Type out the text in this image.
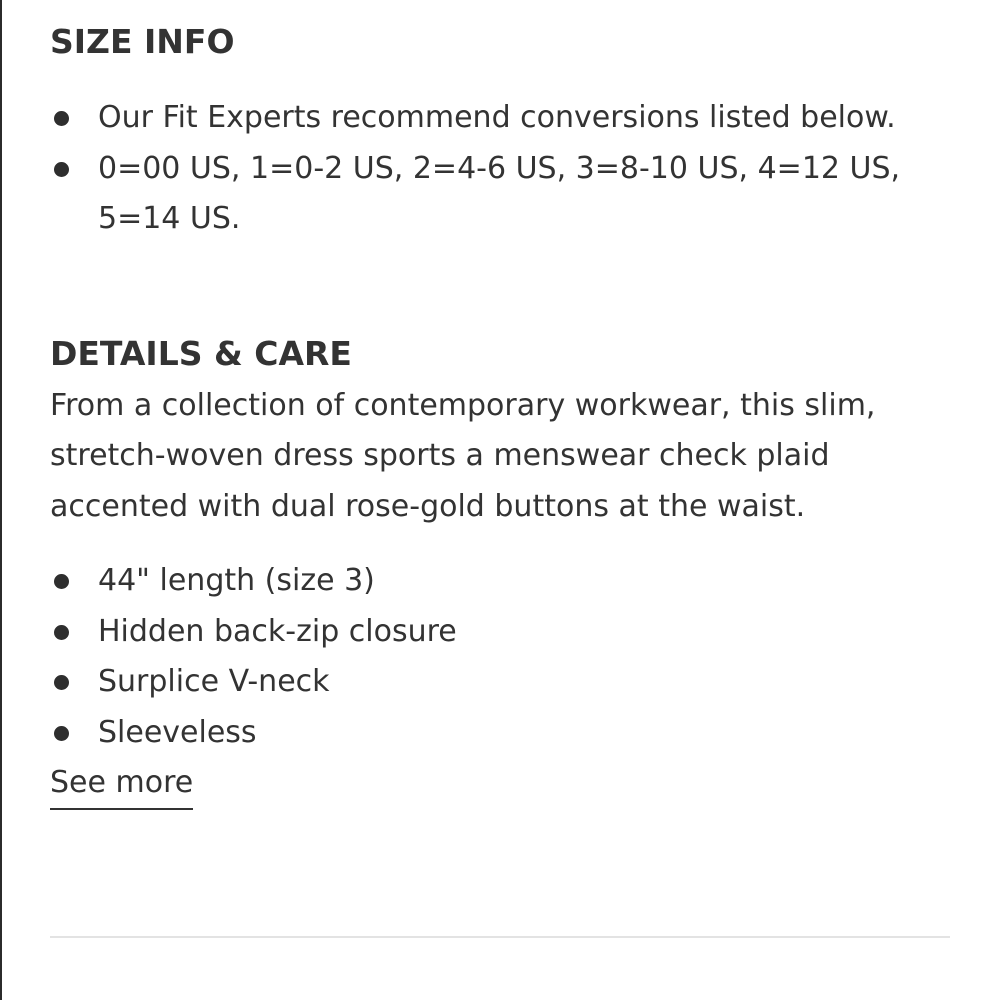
SIZE INFO
Our Fit Experts recommend conversions listed below.
0=00 US, 1=0-2 US, 2=4-6 US, 3=8-10 US, 4=12 US, 5=14 US.
DETAILS & CARE

From a collection of contemporary workwear, this slim, stretch-woven dress sports a menswear check plaid accented with dual rose-gold buttons at the waist.

44" length (size 3)
Hidden back-zip closure
Surplice V-neck
Sleeveless
See more
